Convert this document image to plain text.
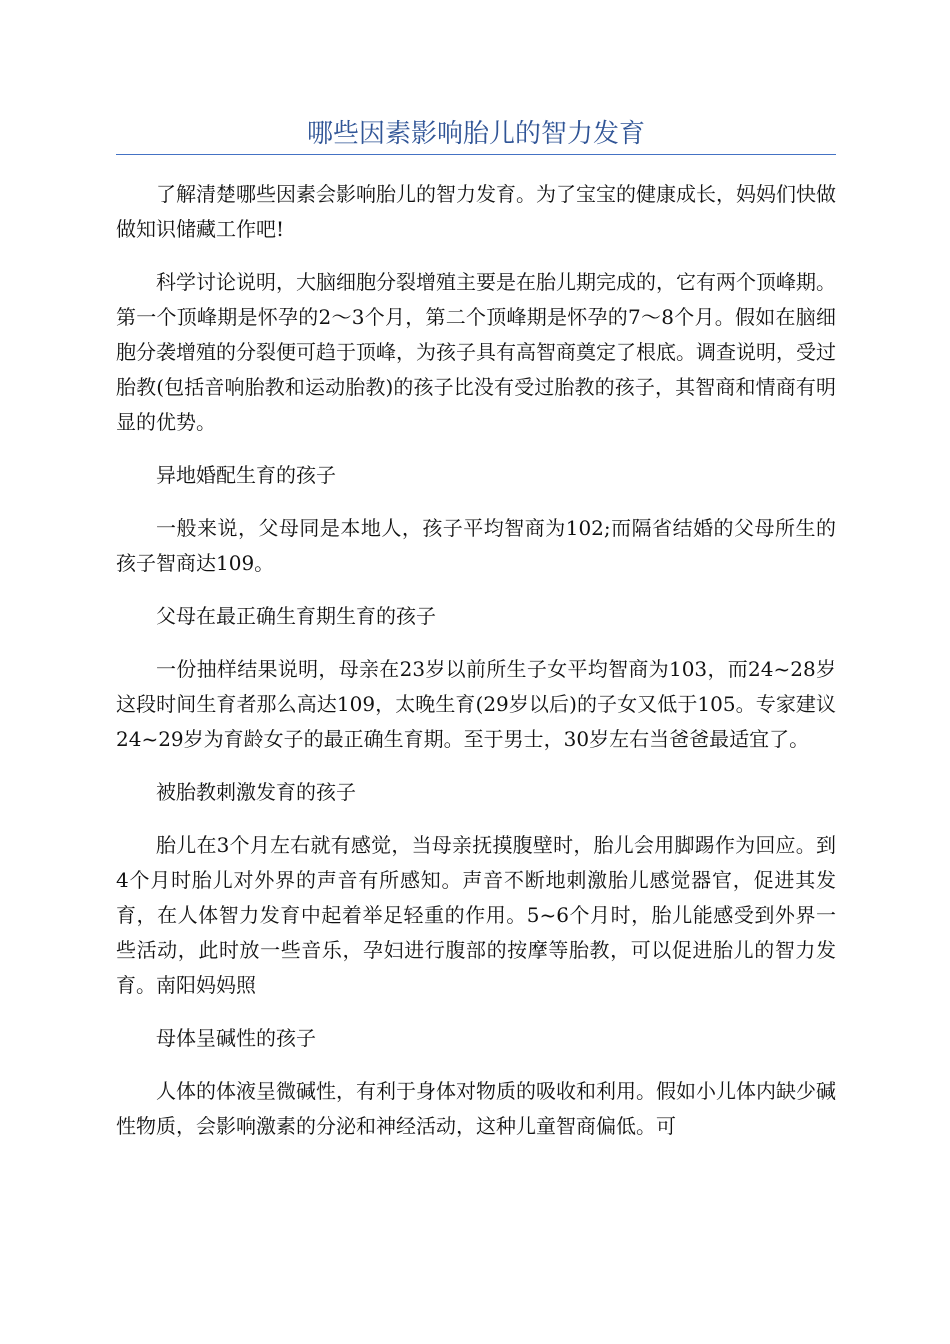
哪些因素影响胎儿的智力发育

了解清楚哪些因素会影响胎儿的智力发育。为了宝宝的健康成长，妈妈们快做做知识储藏工作吧!

科学讨论说明，大脑细胞分裂增殖主要是在胎儿期完成的，它有两个顶峰期。第一个顶峰期是怀孕的2～3个月，第二个顶峰期是怀孕的7～8个月。假如在脑细胞分袭增殖的分裂便可趋于顶峰，为孩子具有高智商奠定了根底。调查说明，受过胎教(包括音响胎教和运动胎教)的孩子比没有受过胎教的孩子，其智商和情商有明显的优势。

异地婚配生育的孩子

一般来说，父母同是本地人，孩子平均智商为102;而隔省结婚的父母所生的孩子智商达109。

父母在最正确生育期生育的孩子

一份抽样结果说明，母亲在23岁以前所生子女平均智商为103，而24~28岁这段时间生育者那么高达109，太晚生育(29岁以后)的子女又低于105。专家建议24~29岁为育龄女子的最正确生育期。至于男士，30岁左右当爸爸最适宜了。

被胎教刺激发育的孩子

胎儿在3个月左右就有感觉，当母亲抚摸腹壁时，胎儿会用脚踢作为回应。到4个月时胎儿对外界的声音有所感知。声音不断地刺激胎儿感觉器官，促进其发育，在人体智力发育中起着举足轻重的作用。5~6个月时，胎儿能感受到外界一些活动，此时放一些音乐，孕妇进行腹部的按摩等胎教，可以促进胎儿的智力发育。南阳妈妈照

母体呈碱性的孩子

人体的体液呈微碱性，有利于身体对物质的吸收和利用。假如小儿体内缺少碱性物质，会影响激素的分泌和神经活动，这种儿童智商偏低。可
